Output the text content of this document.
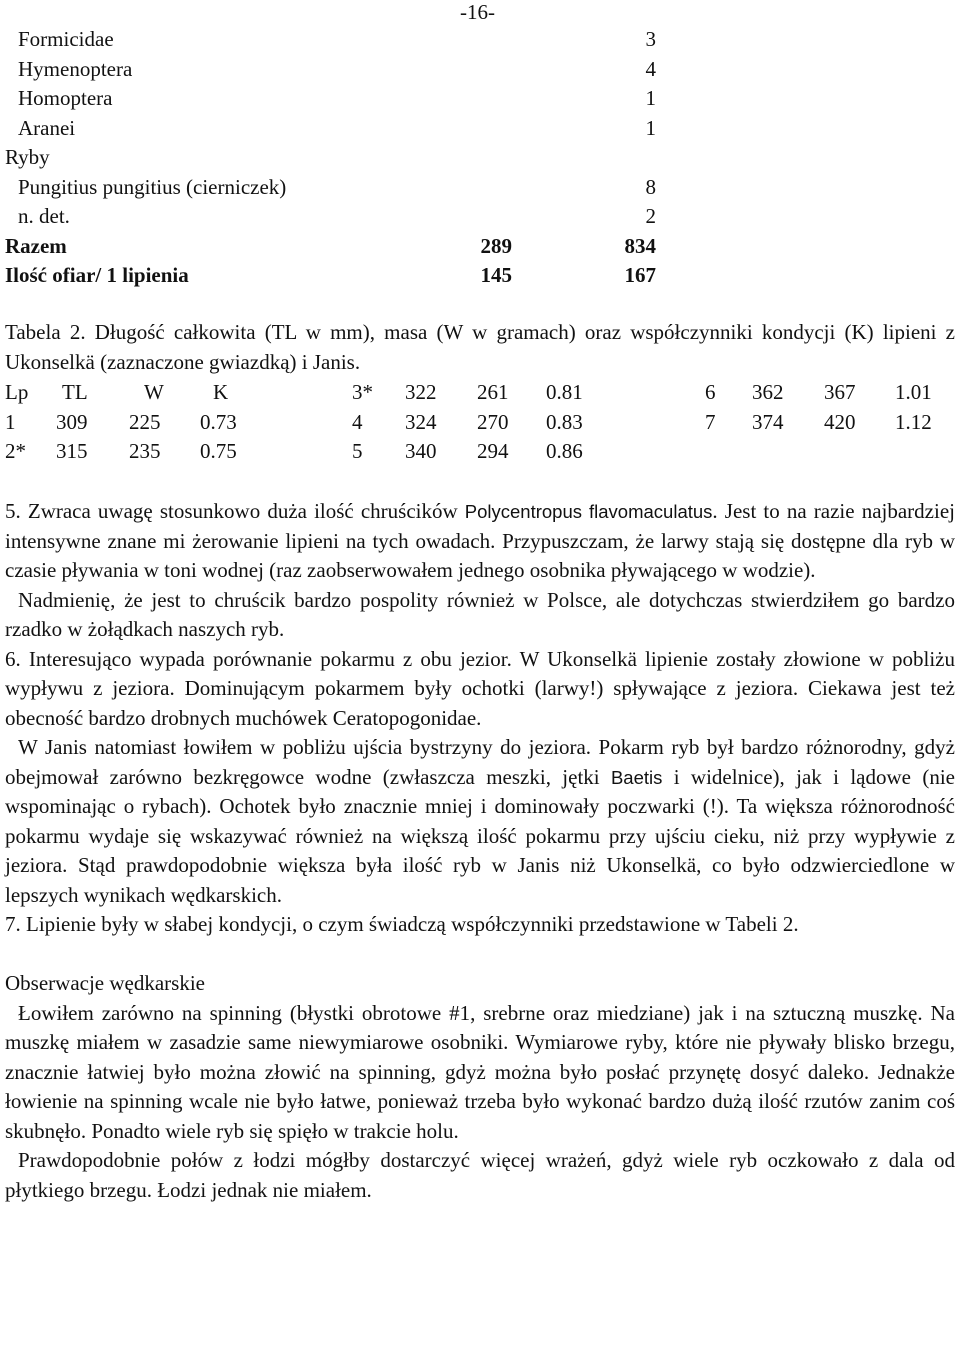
-16-
Formicidae	3
Hymenoptera	4
Homoptera	1
Aranei	1
Ryby
Pungitius pungitius (cierniczek)	8
n. det.	2
Razem	289	834
Ilość ofiar/ 1 lipienia	145	167
Tabela 2. Długość całkowita (TL w mm), masa (W w gramach) oraz współczynniki kondycji (K) lipieni z Ukonselkä (zaznaczone gwiazdką) i Janis.
Lp TL	W K
1 309 225 0.73
2* 315 235 0.75
3* 322 261 0.81
4 324 270 0.83
5 340 294 0.86
6 362 367 1.01
7 374 420 1.12

5. Zwraca uwagę stosunkowo duża ilość chruścików Polycentropus flavomaculatus. Jest to na razie najbardziej intensywne znane mi żerowanie lipieni na tych owadach. Przypuszczam, że larwy stają się dostępne dla ryb w czasie pływania w toni wodnej (raz zaobserwowałem jednego osobnika pływającego w wodzie).

Nadmienię, że jest to chruścik bardzo pospolity również w Polsce, ale dotychczas stwierdziłem go bardzo rzadko w żołądkach naszych ryb.

6. Interesująco wypada porównanie pokarmu z obu jezior. W Ukonselkä lipienie zostały złowione w pobliżu wypływu z jeziora. Dominującym pokarmem były ochotki (larwy!) spływające z jeziora. Ciekawa jest też obecność bardzo drobnych muchówek Ceratopogonidae.

W Janis natomiast łowiłem w pobliżu ujścia bystrzyny do jeziora. Pokarm ryb był bardzo różnorodny, gdyż obejmował zarówno bezkręgowce wodne (zwłaszcza meszki, jętki Baetis i widelnice), jak i lądowe (nie wspominając o rybach). Ochotek było znacznie mniej i dominowały poczwarki (!). Ta większa różnorodność pokarmu wydaje się wskazywać również na większą ilość pokarmu przy ujściu cieku, niż przy wypływie z jeziora. Stąd prawdopodobnie większa była ilość ryb w Janis niż Ukonselkä, co było odzwierciedlone w lepszych wynikach wędkarskich.

7. Lipienie były w słabej kondycji, o czym świadczą współczynniki przedstawione w Tabeli 2.

Obserwacje wędkarskie

Łowiłem zarówno na spinning (błystki obrotowe #1, srebrne oraz miedziane) jak i na sztuczną muszkę. Na muszkę miałem w zasadzie same niewymiarowe osobniki. Wymiarowe ryby, które nie pływały blisko brzegu, znacznie łatwiej było można złowić na spinning, gdyż można było posłać przynętę dosyć daleko. Jednakże łowienie na spinning wcale nie było łatwe, ponieważ trzeba było wykonać bardzo dużą ilość rzutów zanim coś skubnęło. Ponadto wiele ryb się spięło w trakcie holu.

Prawdopodobnie połów z łodzi mógłby dostarczyć więcej wrażeń, gdyż wiele ryb oczkowało z dala od płytkiego brzegu. Łodzi jednak nie miałem.
